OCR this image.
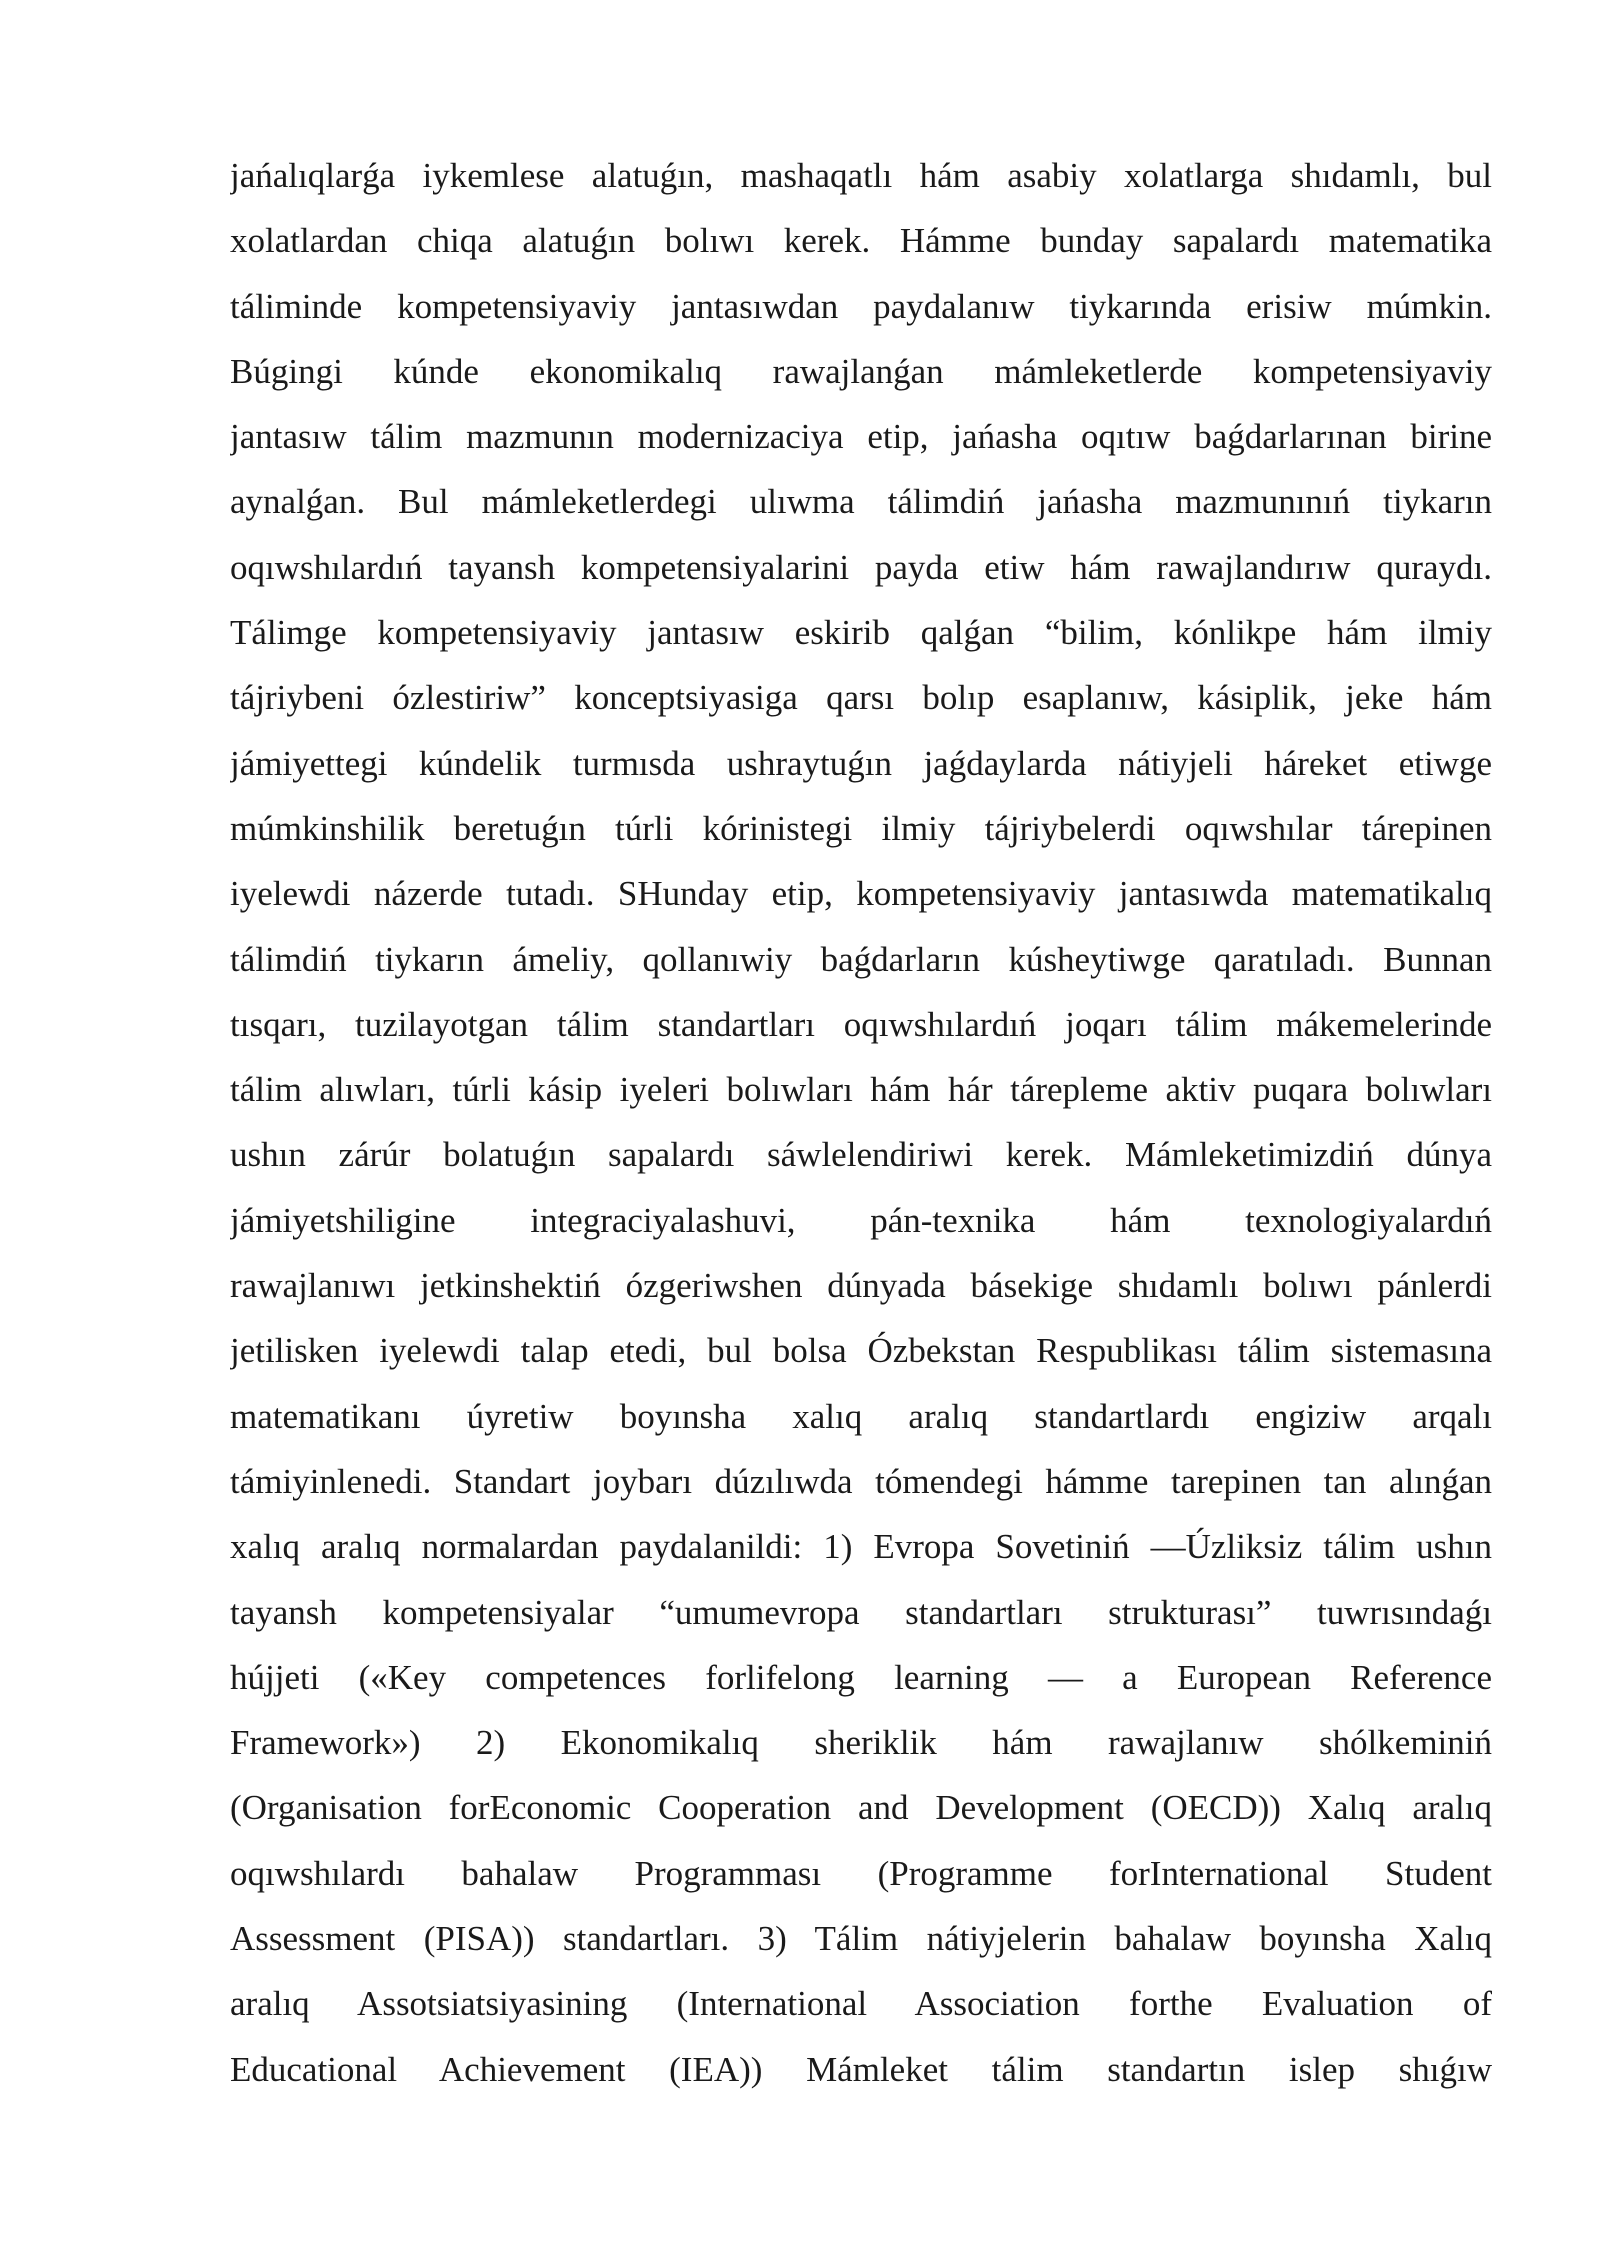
jańalıqlarǵa iykemlese alatuǵın, mashaqatlı hám asabiy xolatlarga shıdamlı, bul
xolatlardan chiqa alatuǵın bolıwı kerek. Hámme bunday sapalardı matematika
táliminde kompetensiyaviy jantasıwdan paydalanıw tiykarında erisiw múmkin.
Búgingi kúnde ekonomikalıq rawajlanǵan mámleketlerde kompetensiyaviy
jantasıw tálim mazmunın modernizaciya etip, jańasha oqıtıw baǵdarlarınan birine
aynalǵan. Bul mámleketlerdegi ulıwma tálimdiń jańasha mazmunınıń tiykarın
oqıwshılardıń tayansh kompetensiyalarini payda etiw hám rawajlandırıw quraydı.
Tálimge kompetensiyaviy jantasıw eskirib qalǵan “bilim, kónlikpe hám ilmiy
tájriybeni ózlestiriw” konceptsiyasiga qarsı bolıp esaplanıw, kásiplik, jeke hám
jámiyettegi kúndelik turmısda ushraytuǵın jaǵdaylarda nátiyjeli háreket etiwge
múmkinshilik beretuǵın túrli kórinistegi ilmiy tájriybelerdi oqıwshılar tárepinen
iyelewdi názerde tutadı. SHunday etip, kompetensiyaviy jantasıwda matematikalıq
tálimdiń tiykarın ámeliy, qollanıwiy baǵdarların kúsheytiwge qaratıladı. Bunnan
tısqarı, tuzilayotgan tálim standartları oqıwshılardıń joqarı tálim mákemelerinde
tálim alıwları, túrli kásip iyeleri bolıwları hám hár tárepleme aktiv puqara bolıwları
ushın zárúr bolatuǵın sapalardı sáwlelendiriwi kerek. Mámleketimizdiń dúnya
jámiyetshiligine integraciyalashuvi, pán-texnika hám texnologiyalardıń
rawajlanıwı jetkinshektiń ózgeriwshen dúnyada básekige shıdamlı bolıwı pánlerdi
jetilisken iyelewdi talap etedi, bul bolsa Ózbekstan Respublikası tálim sistemasına
matematikanı úyretiw boyınsha xalıq aralıq standartlardı engiziw arqalı
támiyinlenedi. Standart joybarı dúzılıwda tómendegi hámme tarepinen tan alınǵan
xalıq aralıq normalardan paydalanildi: 1) Evropa Sovetiniń —Úzliksiz tálim ushın
tayansh kompetensiyalar “umumevropa standartları strukturası” tuwrısındaǵı
hújjeti («Key competences forlifelong learning — a European Reference
Framework») 2) Ekonomikalıq sheriklik hám rawajlanıw shólkeminiń
(Organisation forEconomic Cooperation and Development (OECD)) Xalıq aralıq
oqıwshılardı bahalaw Programması (Programme forInternational Student
Assessment (PISA)) standartları. 3) Tálim nátiyjelerin bahalaw boyınsha Xalıq
aralıq Assotsiatsiyasining (International Association forthe Evaluation of
Educational Achievement (IEA)) Mámleket tálim standartın islep shıǵıw
